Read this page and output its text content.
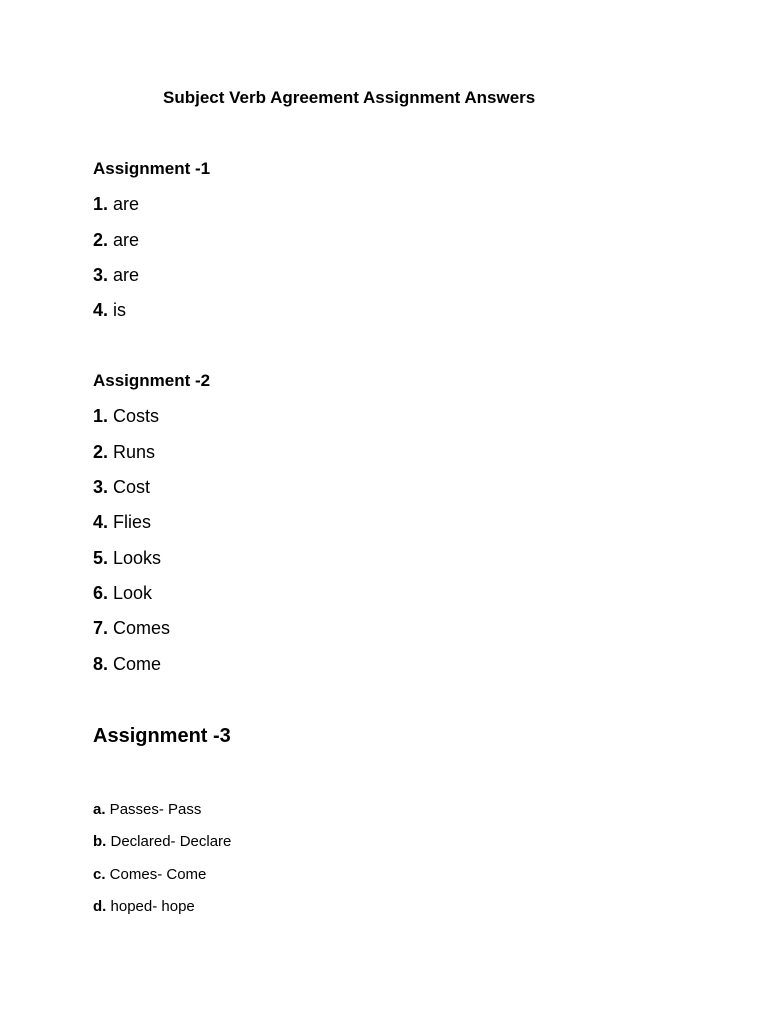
Subject Verb Agreement Assignment Answers
Assignment -1
1. are
2. are
3. are
4. is
Assignment -2
1. Costs
2. Runs
3. Cost
4. Flies
5. Looks
6. Look
7. Comes
8. Come
Assignment -3
a. Passes- Pass
b. Declared- Declare
c. Comes- Come
d. hoped- hope
